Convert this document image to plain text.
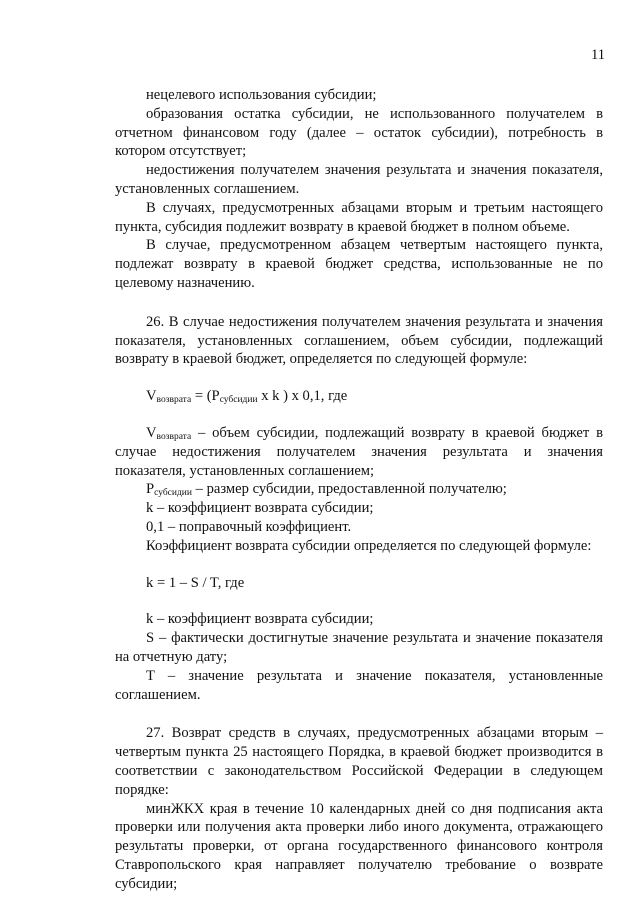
11

нецелевого использования субсидии;

образования остатка субсидии, не использованного получателем в отчетном финансовом году (далее – остаток субсидии), потребность в котором отсутствует;

недостижения получателем значения результата и значения показателя, установленных соглашением.

В случаях, предусмотренных абзацами вторым и третьим настоящего пункта, субсидия подлежит возврату в краевой бюджет в полном объеме.

В случае, предусмотренном абзацем четвертым настоящего пункта, подлежат возврату в краевой бюджет средства, использованные не по целевому назначению.

26. В случае недостижения получателем значения результата и значения показателя, установленных соглашением, объем субсидии, подлежащий возврату в краевой бюджет, определяется по следующей формуле:

$V_{возврата} = (P_{субсидии}$ x k ) x 0,1, где

$V_{возврата}$ – объем субсидии, подлежащий возврату в краевой бюджет в случае недостижения получателем значения результата и значения показателя, установленных соглашением;

$P_{субсидии}$ – размер субсидии, предоставленной получателю;

k – коэффициент возврата субсидии;

0,1 – поправочный коэффициент.

Коэффициент возврата субсидии определяется по следующей формуле:

k = 1 – S / T, где

k – коэффициент возврата субсидии;

S – фактически достигнутые значение результата и значение показателя на отчетную дату;

T – значение результата и значение показателя, установленные соглашением.

27. Возврат средств в случаях, предусмотренных абзацами вторым – четвертым пункта 25 настоящего Порядка, в краевой бюджет производится в соответствии с законодательством Российской Федерации в следующем порядке:

минЖКХ края в течение 10 календарных дней со дня подписания акта проверки или получения акта проверки либо иного документа, отражающего результаты проверки, от органа государственного финансового контроля Ставропольского края направляет получателю требование о возврате субсидии;
